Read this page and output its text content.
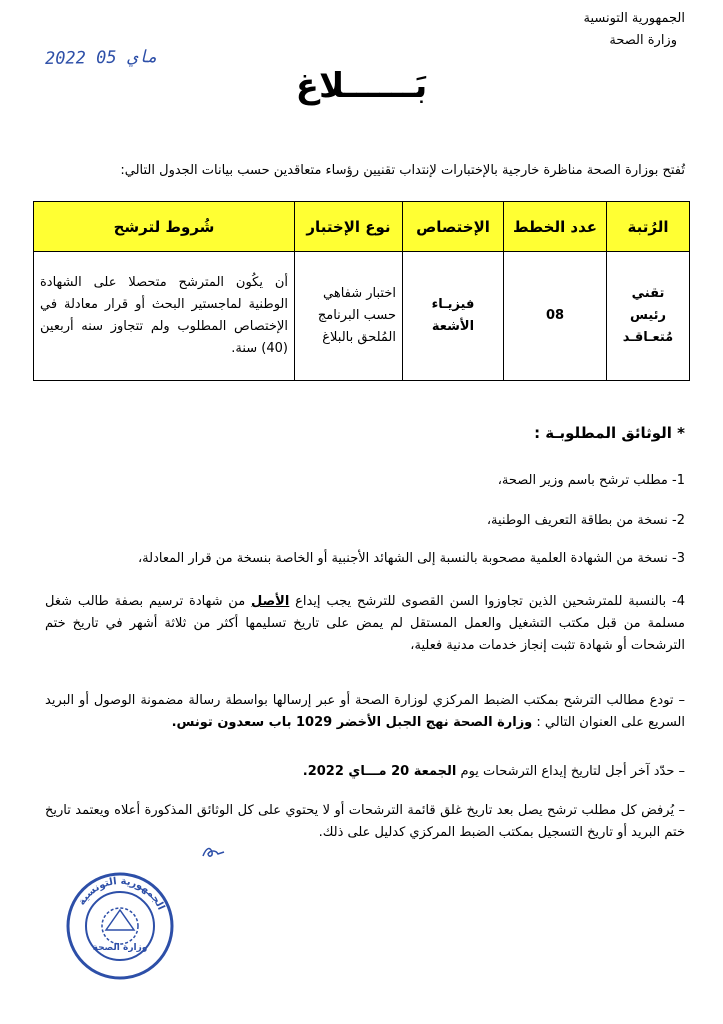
الجمهورية التونسية
وزارة الصحة
2022 ماي 05
بَــــــلاغ
تُفتح بوزارة الصحة مناظرة خارجية بالإختبارات لإنتداب تقنيين رؤساء متعاقدين حسب بيانات الجدول التالي:
الرُتبة	عدد الخطط	الإختصاص	نوع الإختبار	شُروط لترشح
تقني رئيس مُتعـاقـد	08	فيزيـاء الأشعة	اختبار شفاهي حسب البرنامج المُلحق بالبلاغ	أن يكُون المترشح متحصلا على الشهادة الوطنية لماجستير البحث أو قرار معادلة في الإختصاص المطلوب ولم تتجاوز سنه أربعين (40) سنة.
* الوثائق المطلوبـة :
1- مطلب ترشح باسم وزير الصحة،
2- نسخة من بطاقة التعريف الوطنية،
3- نسخة من الشهادة العلمية مصحوبة بالنسبة إلى الشهائد الأجنبية أو الخاصة بنسخة من قرار المعادلة،
4- بالنسبة للمترشحين الذين تجاوزوا السن القصوى للترشح يجب إيداع الأصل من شهادة ترسيم بصفة طالب شغل مسلمة من قبل مكتب التشغيل والعمل المستقل لم يمض على تاريخ تسليمها أكثر من ثلاثة أشهر في تاريخ ختم الترشحات أو شهادة تثبت إنجاز خدمات مدنية فعلية،
– تودع مطالب الترشح بمكتب الضبط المركزي لوزارة الصحة أو عبر إرسالها بواسطة رسالة مضمونة الوصول أو البريد السريع على العنوان التالي : وزارة الصحة نهج الجبل الأخضر 1029 باب سعدون تونس.
– حدّد آخر أجل لتاريخ إيداع الترشحات يوم الجمعة 20 مـــاي 2022.
– يُرفض كل مطلب ترشح يصل بعد تاريخ غلق قائمة الترشحات أو لا يحتوي على كل الوثائق المذكورة أعلاه ويعتمد تاريخ ختم البريد أو تاريخ التسجيل بمكتب الضبط المركزي كدليل على ذلك.
الجمهورية التونسية
وزارة الصحة
